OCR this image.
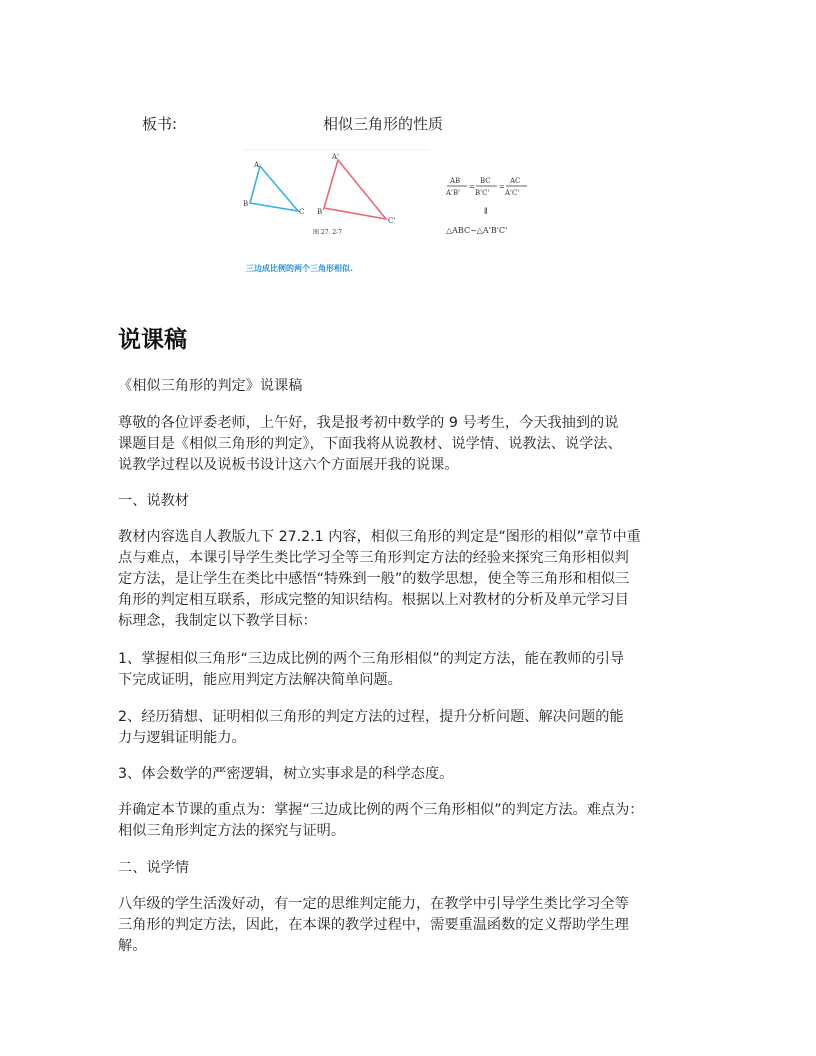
板书:	相似三角形的性质
A
B
C
A'
B'
C'
图 27. 2-7
AB
A'B'
=
BC
B'C'
=
AC
A'C'
⇓
△ABC∽△A'B'C'
三边成比例的两个三角形相似.
说课稿
《相似三角形的判定》说课稿
尊敬的各位评委老师，上午好，我是报考初中数学的 9 号考生，今天我抽到的说
课题目是《相似三角形的判定》，下面我将从说教材、说学情、说教法、说学法、
说教学过程以及说板书设计这六个方面展开我的说课。
一、说教材
教材内容选自人教版九下 27.2.1 内容，相似三角形的判定是“图形的相似”章节中重
点与难点，本课引导学生类比学习全等三角形判定方法的经验来探究三角形相似判
定方法，是让学生在类比中感悟“特殊到一般”的数学思想，使全等三角形和相似三
角形的判定相互联系，形成完整的知识结构。根据以上对教材的分析及单元学习目
标理念，我制定以下教学目标：
1、掌握相似三角形“三边成比例的两个三角形相似”的判定方法，能在教师的引导
下完成证明，能应用判定方法解决简单问题。
2、经历猜想、证明相似三角形的判定方法的过程，提升分析问题、解决问题的能
力与逻辑证明能力。
3、体会数学的严密逻辑，树立实事求是的科学态度。
并确定本节课的重点为：掌握“三边成比例的两个三角形相似”的判定方法。难点为：
相似三角形判定方法的探究与证明。
二、说学情
八年级的学生活泼好动，有一定的思维判定能力，在教学中引导学生类比学习全等
三角形的判定方法，因此，在本课的教学过程中，需要重温函数的定义帮助学生理
解。
